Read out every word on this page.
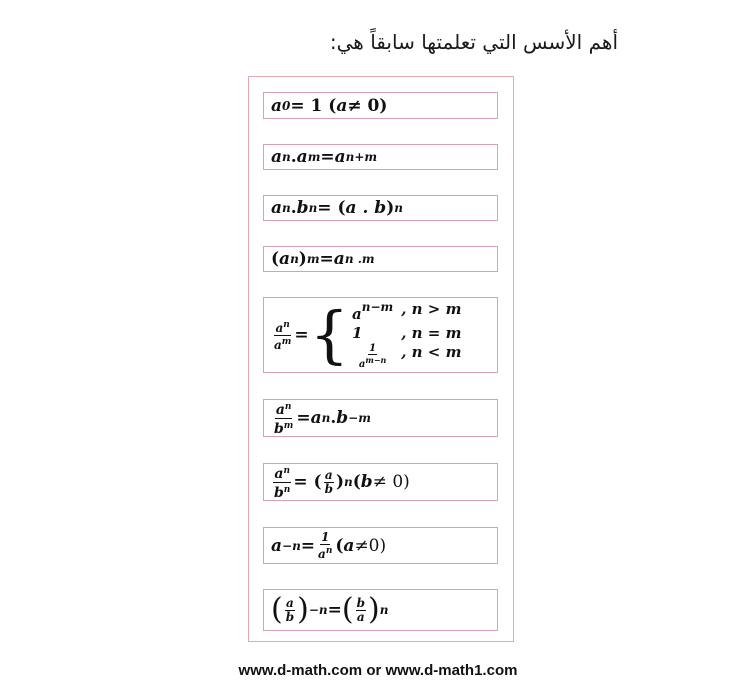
أهم الأسس التي تعلمتها سابقاً هي:
a 0 = 1 ( a ≠ 0)
a n . a m = a n+m
a n . b n = ( a . b ) n
( a n ) m = a n .m
$\frac{a^n}{a^m}$ = { $a^{n-m}$ , n > m
1	, n = m
$\frac{1}{a^{m-n}}$ , n < m
$\frac{a^n}{b^m} = a$ n . b −m
$\frac{a^n}{b^n}$ = ( $\frac{a}{b}$ ) n ( b ≠ 0)
$a -n = \frac{1}{a^n}$ ( a ≠0)
( $\frac{a}{b}$ ) −n = ( $\frac{b}{a}$ ) n
www.d-math.com or www.d-math1.com
